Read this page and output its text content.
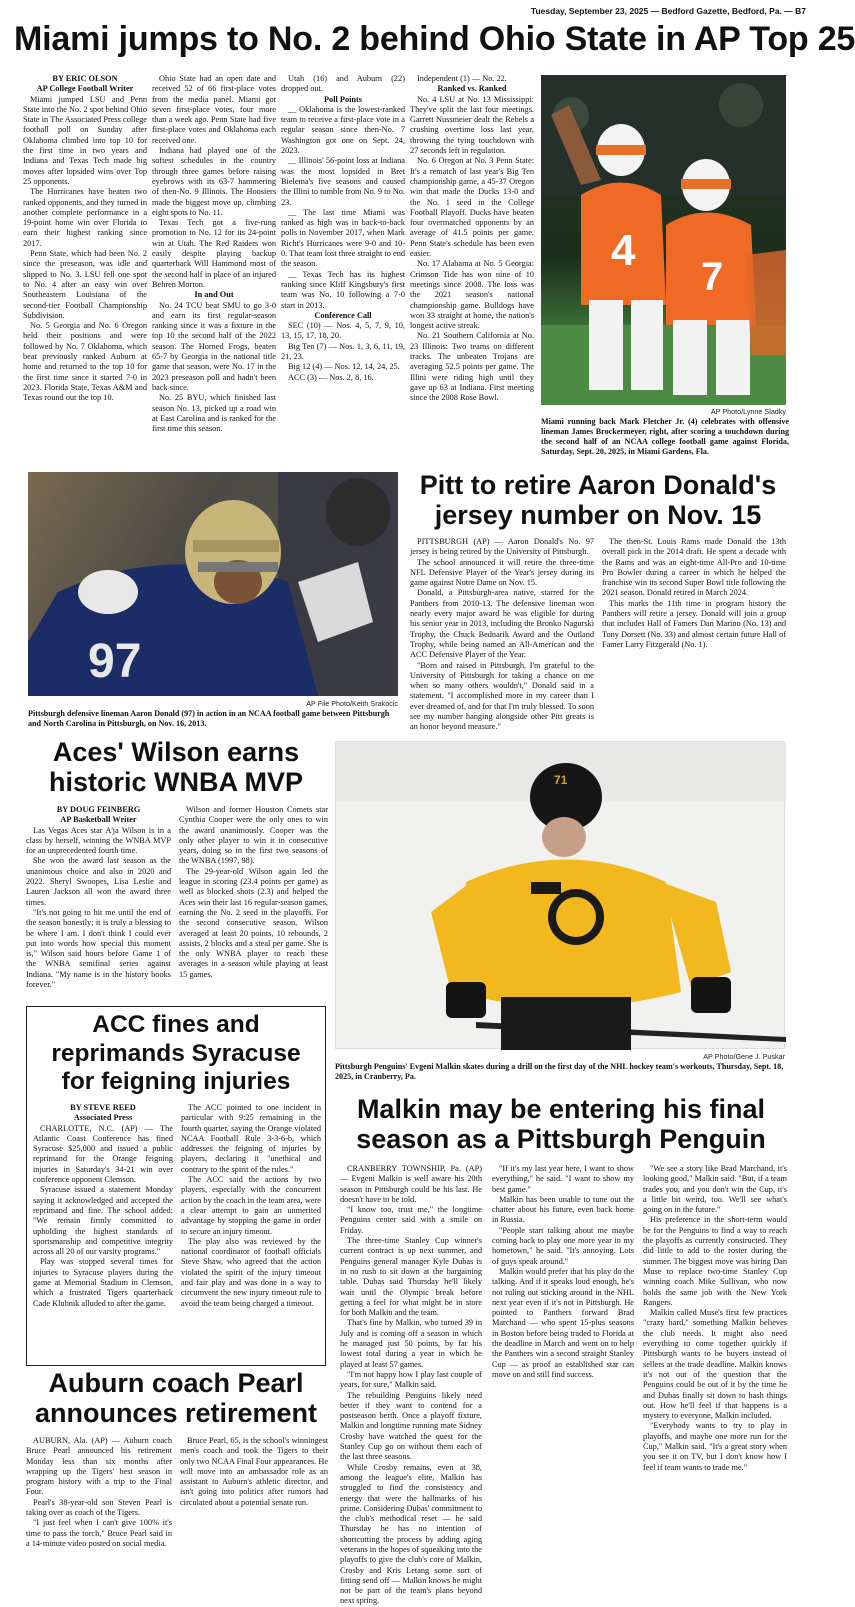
Tuesday, September 23, 2025 — Bedford Gazette, Bedford, Pa. — B7
Miami jumps to No. 2 behind Ohio State in AP Top 25
BY ERIC OLSON
AP College Football Writer

Miami jumped LSU and Penn State into the No. 2 spot behind Ohio State in The Associated Press college football poll on Sunday after Oklahoma climbed into top 10 for the first time in two years and Indiana and Texas Tech made big moves after lopsided wins over Top 25 opponents.

The Hurricanes have beaten two ranked opponents, and they turned in another complete performance in a 19-point home win over Florida to earn their highest ranking since 2017.

Penn State, which had been No. 2 since the preseason, was idle and slipped to No. 3. LSU fell one spot to No. 4 after an easy win over Southeastern Louisiana of the second-tier Football Championship Subdivision.

No. 5 Georgia and No. 6 Oregon held their positions and were followed by No. 7 Oklahoma, which beat previously ranked Auburn at home and returned to the top 10 for the first time since it started 7-0 in 2023. Florida State, Texas A&M and Texas round out the top 10.

Ohio State had an open date and received 52 of 66 first-place votes from the media panel. Miami got seven first-place votes, four more than a week ago. Penn State had five first-place votes and Oklahoma each received one.

Indiana had played one of the softest schedules in the country through three games before raising eyebrows with its 63-7 hammering of then-No. 9 Illinois. The Hoosiers made the biggest move up, climbing eight spots to No. 11.

Texas Tech got a five-rung promotion to No. 12 for its 24-point win at Utah. The Red Raiders won easily despite playing backup quarterback Will Hammond most of the second half in place of an injured Behren Morton.

In and Out

No. 24 TCU beat SMU to go 3-0 and earn its first regular-season ranking since it was a fixture in the top 10 the second half of the 2022 season. The Horned Frogs, beaten 65-7 by Georgia in the national title game that season, were No. 17 in the 2023 preseason poll and hadn't been back since.

No. 25 BYU, which finished last season No. 13, picked up a road win at East Carolina and is ranked for the first time this season.

Utah (16) and Auburn (22) dropped out.

Poll Points

__ Oklahoma is the lowest-ranked team to receive a first-place vote in a regular season since then-No. 7 Washington got one on Sept. 24, 2023.

__ Illinois' 56-point loss at Indiana was the most lopsided in Bret Bielema's five seasons and caused the Illini to tumble from No. 9 to No. 23.

__ The last time Miami was ranked as high was in back-to-back polls in November 2017, when Mark Richt's Hurricanes were 9-0 and 10-0. That team lost three straight to end the season.

__ Texas Tech has its highest ranking since Kliff Kingsbury's first team was No. 10 following a 7-0 start in 2013.

Conference Call

SEC (10) — Nos. 4, 5, 7, 9, 10, 13, 15, 17, 18, 20.

Big Ten (7) — Nos. 1, 3, 6, 11, 19, 21, 23.

Big 12 (4) — Nos. 12, 14, 24, 25.

ACC (3) — Nos. 2, 8, 16.

Independent (1) — No. 22.

Ranked vs. Ranked

No. 4 LSU at No. 13 Mississippi: They've split the last four meetings. Garrett Nussmeier dealt the Rebels a crushing overtime loss last year, throwing the tying touchdown with 27 seconds left in regulation.

No. 6 Oregon at No. 3 Penn State: It's a rematch of last year's Big Ten championship game, a 45-37 Oregon win that made the Ducks 13-0 and the No. 1 seed in the College Football Playoff. Ducks have beaten four overmatched opponents by an average of 41.5 points per game. Penn State's schedule has been even easier.

No. 17 Alabama at No. 5 Georgia: Crimson Tide has won nine of 10 meetings since 2008. The loss was the 2021 season's national championship game. Bulldogs have won 33 straight at home, the nation's longest active streak.

No. 21 Southern California at No. 23 Illinois: Two teams on different tracks. The unbeaten Trojans are averaging 52.5 points per game. The Illini were riding high until they gave up 63 at Indiana. First meeting since the 2008 Rose Bowl.

4
7
AP Photo/Lynne Sladky
Miami running back Mark Fletcher Jr. (4) celebrates with offensive lineman James Brockermeyer, right, after scoring a touchdown during the second half of an NCAA college football game against Florida, Saturday, Sept. 20, 2025, in Miami Gardens, Fla.
97
AP File Photo/Keith Srakocic
Pittsburgh defensive lineman Aaron Donald (97) in action in an NCAA football game between Pittsburgh and North Carolina in Pittsburgh, on Nov. 16, 2013.
Pitt to retire Aaron Donald's jersey number on Nov. 15

PITTSBURGH (AP) — Aaron Donald's No. 97 jersey is being retired by the University of Pittsburgh.

The school announced it will retire the three-time NFL Defensive Player of the Year's jersey during its game against Notre Dame on Nov. 15.

Donald, a Pittsburgh-area native, starred for the Panthers from 2010-13. The defensive lineman won nearly every major award he was eligible for during his senior year in 2013, including the Bronko Nagurski Trophy, the Chuck Bednarik Award and the Outland Trophy, while being named an All-American and the ACC Defensive Player of the Year.

"Born and raised in Pittsburgh, I'm grateful to the University of Pittsburgh for taking a chance on me when so many others wouldn't," Donald said in a statement. "I accomplished more in my career than I ever dreamed of, and for that I'm truly blessed. To soon see my number hanging alongside other Pitt greats is an honor beyond measure."

The then-St. Louis Rams made Donald the 13th overall pick in the 2014 draft. He spent a decade with the Rams and was an eight-time All-Pro and 10-time Pro Bowler during a career in which he helped the franchise win its second Super Bowl title following the 2021 season. Donald retired in March 2024.

This marks the 11th time in program history the Panthers will retire a jersey. Donald will join a group that includes Hall of Famers Dan Marino (No. 13) and Tony Dorsett (No. 33) and almost certain future Hall of Famer Larry Fitzgerald (No. 1).

Aces' Wilson earns historic WNBA MVP
BY DOUG FEINBERG
AP Basketball Writer

Las Vegas Aces star A'ja Wilson is in a class by herself, winning the WNBA MVP for an unprecedented fourth time.

She won the award last season as the unanimous choice and also in 2020 and 2022. Sheryl Swoopes, Lisa Leslie and Lauren Jackson all won the award three times.

"It's not going to hit me until the end of the season honestly; it is truly a blessing to be where I am. I don't think I could ever put into words how special this moment is," Wilson said hours before Game 1 of the WNBA semifinal series against Indiana. "My name is in the history books forever."

Wilson and former Houston Comets star Cynthia Cooper were the only ones to win the award unanimously. Cooper was the only other player to win it in consecutive years, doing so in the first two seasons of the WNBA (1997, 98).

The 29-year-old Wilson again led the league in scoring (23.4 points per game) as well as blocked shots (2.3) and helped the Aces win their last 16 regular-season games, earning the No. 2 seed in the playoffs. For the second consecutive season, Wilson averaged at least 20 points, 10 rebounds, 2 assists, 2 blocks and a steal per game. She is the only WNBA player to reach these averages in a season while playing at least 15 games.

71
AP Photo/Gene J. Puskar
Pittsburgh Penguins' Evgeni Malkin skates during a drill on the first day of the NHL hockey team's workouts, Thursday, Sept. 18, 2025, in Cranberry, Pa.
ACC fines and reprimands Syracuse for feigning injuries
BY STEVE REED
Associated Press

CHARLOTTE, N.C. (AP) — The Atlantic Coast Conference has fined Syracuse $25,000 and issued a public reprimand for the Orange feigning injuries in Saturday's 34-21 win over conference opponent Clemson.

Syracuse issued a statement Monday saying it acknowledged and accepted the reprimand and fine. The school added: "We remain firmly committed to upholding the highest standards of sportsmanship and competitive integrity across all 20 of our varsity programs."

Play was stopped several times for injuries to Syracuse players during the game at Memorial Stadium in Clemson, which a frustrated Tigers quarterback Cade Klubnik alluded to after the game.

The ACC pointed to one incident in particular with 9:25 remaining in the fourth quarter, saying the Orange violated NCAA Football Rule 3-3-6-b, which addresses the feigning of injuries by players, declaring it "unethical and contrary to the spirit of the rules."

The ACC said the actions by two players, especially with the concurrent action by the coach in the team area, were a clear attempt to gain an unmerited advantage by stopping the game in order to secure an injury timeout.

The play also was reviewed by the national coordinator of football officials Steve Shaw, who agreed that the action violated the spirit of the injury timeout and fair play and was done in a way to circumvent the new injury timeout rule to avoid the team being charged a timeout.

Auburn coach Pearl announces retirement

AUBURN, Ala. (AP) — Auburn coach Bruce Pearl announced his retirement Monday less than six months after wrapping up the Tigers' best season in program history with a trip to the Final Four.

Pearl's 38-year-old son Steven Pearl is taking over as coach of the Tigers.

"I just feel when I can't give 100% it's time to pass the torch," Bruce Pearl said in a 14-minute video posted on social media.

Bruce Pearl, 65, is the school's winningest men's coach and took the Tigers to their only two NCAA Final Four appearances. He will move into an ambassador role as an assistant to Auburn's athletic director, and isn't going into politics after rumors had circulated about a potential senate run.

Malkin may be entering his final season as a Pittsburgh Penguin

CRANBERRY TOWNSHIP, Pa. (AP) — Evgeni Malkin is well aware his 20th season in Pittsburgh could be his last. He doesn't have to be told.

"I know too, trust me," the longtime Penguins center said with a smile on Friday.

The three-time Stanley Cup winner's current contract is up next summer, and Penguins general manager Kyle Dubas is in no rush to sit down at the bargaining table. Dubas said Thursday he'll likely wait until the Olympic break before getting a feel for what might be in store for both Malkin and the team.

That's fine by Malkin, who turned 39 in July and is coming off a season in which he managed just 50 points, by far his lowest total during a year in which he played at least 57 games.

"I'm not happy how I play last couple of years, for sure," Malkin said.

The rebuilding Penguins likely need better if they want to contend for a postseason berth. Once a playoff fixture, Malkin and longtime running mate Sidney Crosby have watched the quest for the Stanley Cup go on without them each of the last three seasons.

While Crosby remains, even at 38, among the league's elite, Malkin has struggled to find the consistency and energy that were the hallmarks of his prime. Considering Dubas' commitment to the club's methodical reset — he said Thursday he has no intention of shortcutting the process by adding aging veterans in the hopes of squeaking into the playoffs to give the club's core of Malkin, Crosby and Kris Letang some sort of fitting send off — Malkin knows he might not be part of the team's plans beyond next spring.

"If it's my last year here, I want to show everything," he said. "I want to show my best game."

Malkin has been unable to tune out the chatter about his future, even back home in Russia.

"People start talking about me maybe coming back to play one more year in my hometown," he said. "It's annoying. Lots of guys speak around."

Malkin would prefer that his play do the talking. And if it speaks loud enough, he's not ruling out sticking around in the NHL next year even if it's not in Pittsburgh. He pointed to Panthers forward Brad Marchand — who spent 15-plus seasons in Boston before being traded to Florida at the deadline in March and went on to help the Panthers win a second straight Stanley Cup — as proof an established star can move on and still find success.

"We see a story like Brad Marchand, it's looking good," Malkin said. "But, if a team trades you, and you don't win the Cup, it's a little bit weird, too. We'll see what's going on in the future."

His preference in the short-term would be for the Penguins to find a way to reach the playoffs as currently constructed. They did little to add to the roster during the summer. The biggest move was hiring Dan Muse to replace two-time Stanley Cup winning coach Mike Sullivan, who now holds the same job with the New York Rangers.

Malkin called Muse's first few practices "crazy hard," something Malkin believes the club needs. It might also need everything to come together quickly if Pittsburgh wants to be buyers instead of sellers at the trade deadline. Malkin knows it's not out of the question that the Penguins could be out of it by the time he and Dubas finally sit down to hash things out. How he'll feel if that happens is a mystery to everyone, Malkin included.

"Everybody wants to try to play in playoffs, and maybe one more run for the Cup," Malkin said. "It's a great story when you see it on TV, but I don't know how I feel if team wants to trade me."
